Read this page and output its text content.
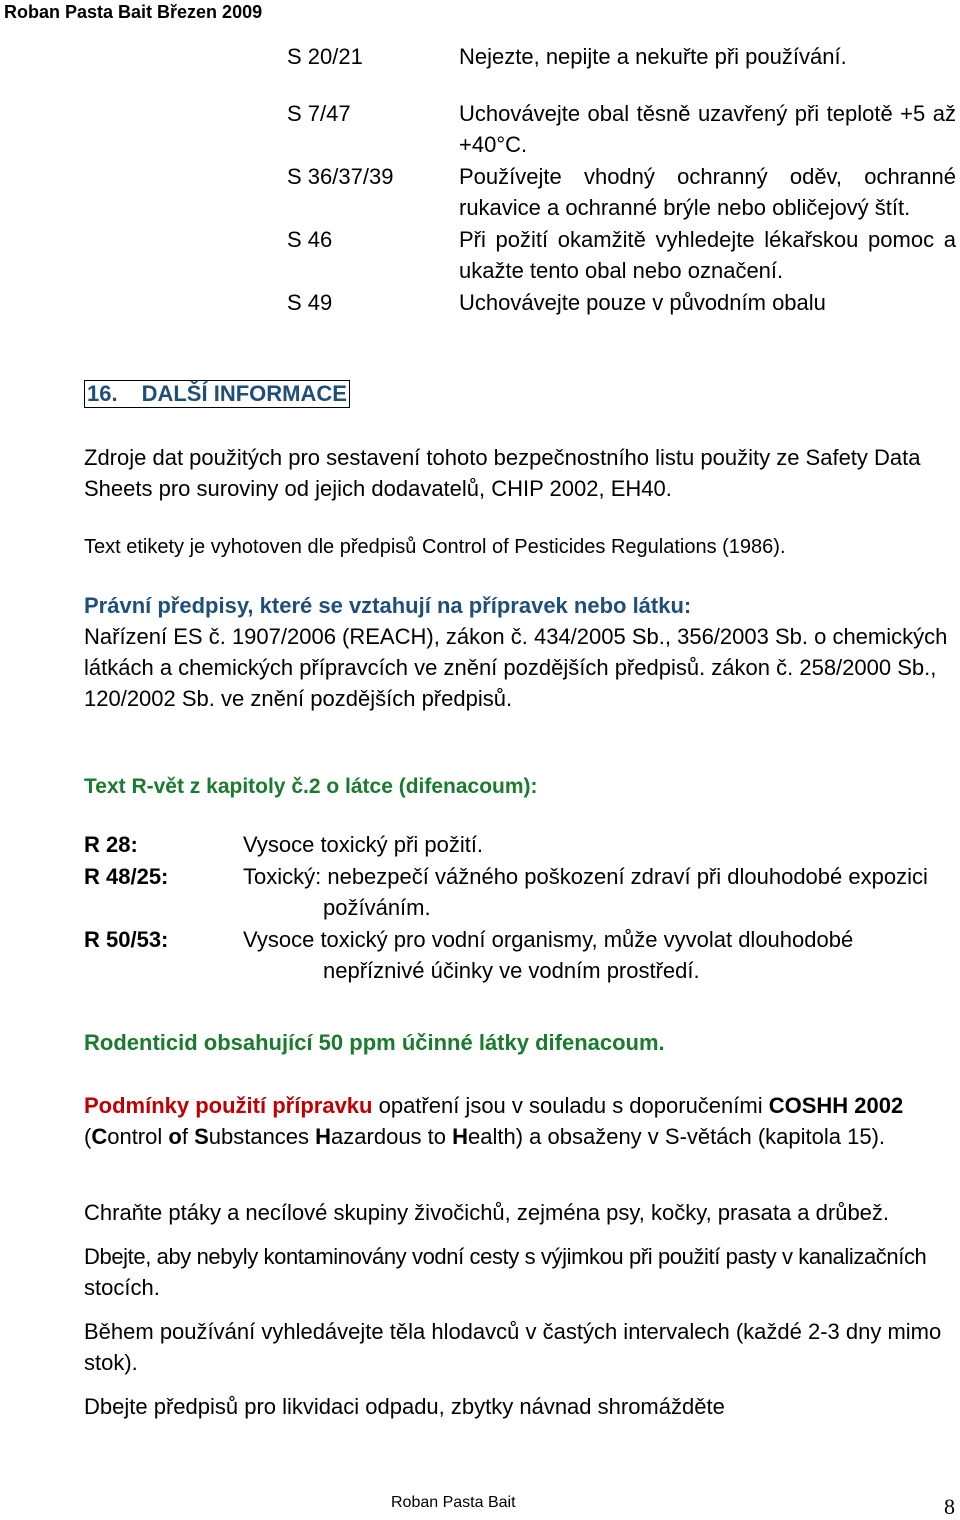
Roban Pasta Bait Březen 2009
S 20/21	Nejezte, nepijte a nekuřte při používání.
S 7/47	Uchovávejte obal těsně uzavřený při teplotě +5 až
+40°C.
S 36/37/39	Používejte vhodný ochranný oděv, ochranné
rukavice a ochranné brýle nebo obličejový štít.
S 46	Při požití okamžitě vyhledejte lékařskou pomoc a
ukažte tento obal nebo označení.
S 49	Uchovávejte pouze v původním obalu
16. DALŠÍ INFORMACE
Zdroje dat použitých pro sestavení tohoto bezpečnostního listu použity ze Safety Data
Sheets pro suroviny od jejich dodavatelů, CHIP 2002, EH40.
Text etikety je vyhotoven dle předpisů Control of Pesticides Regulations (1986).
Právní předpisy, které se vztahují na přípravek nebo látku:
Nařízení ES č. 1907/2006 (REACH), zákon č. 434/2005 Sb., 356/2003 Sb. o chemických
látkách a chemických přípravcích ve znění pozdějších předpisů. zákon č. 258/2000 Sb.,
120/2002 Sb. ve znění pozdějších předpisů.
Text R-vět z kapitoly č.2 o látce (difenacoum):
R 28:	Vysoce toxický při požití.
R 48/25:	Toxický: nebezpečí vážného poškození zdraví při dlouhodobé expozici
požíváním.
R 50/53:	Vysoce toxický pro vodní organismy, může vyvolat dlouhodobé
nepříznivé účinky ve vodním prostředí.
Rodenticid obsahující 50 ppm účinné látky difenacoum.
Podmínky použití přípravku opatření jsou v souladu s doporučeními COSHH 2002
(Control of Substances Hazardous to Health) a obsaženy v S-větách (kapitola 15).
Chraňte ptáky a necílové skupiny živočichů, zejména psy, kočky, prasata a drůbež.
Dbejte, aby nebyly kontaminovány vodní cesty s výjimkou při použití pasty v kanalizačních
stocích.
Během používání vyhledávejte těla hlodavců v častých intervalech (každé 2-3 dny mimo
stok).
Dbejte předpisů pro likvidaci odpadu, zbytky návnad shromážděte
Roban Pasta Bait	8
